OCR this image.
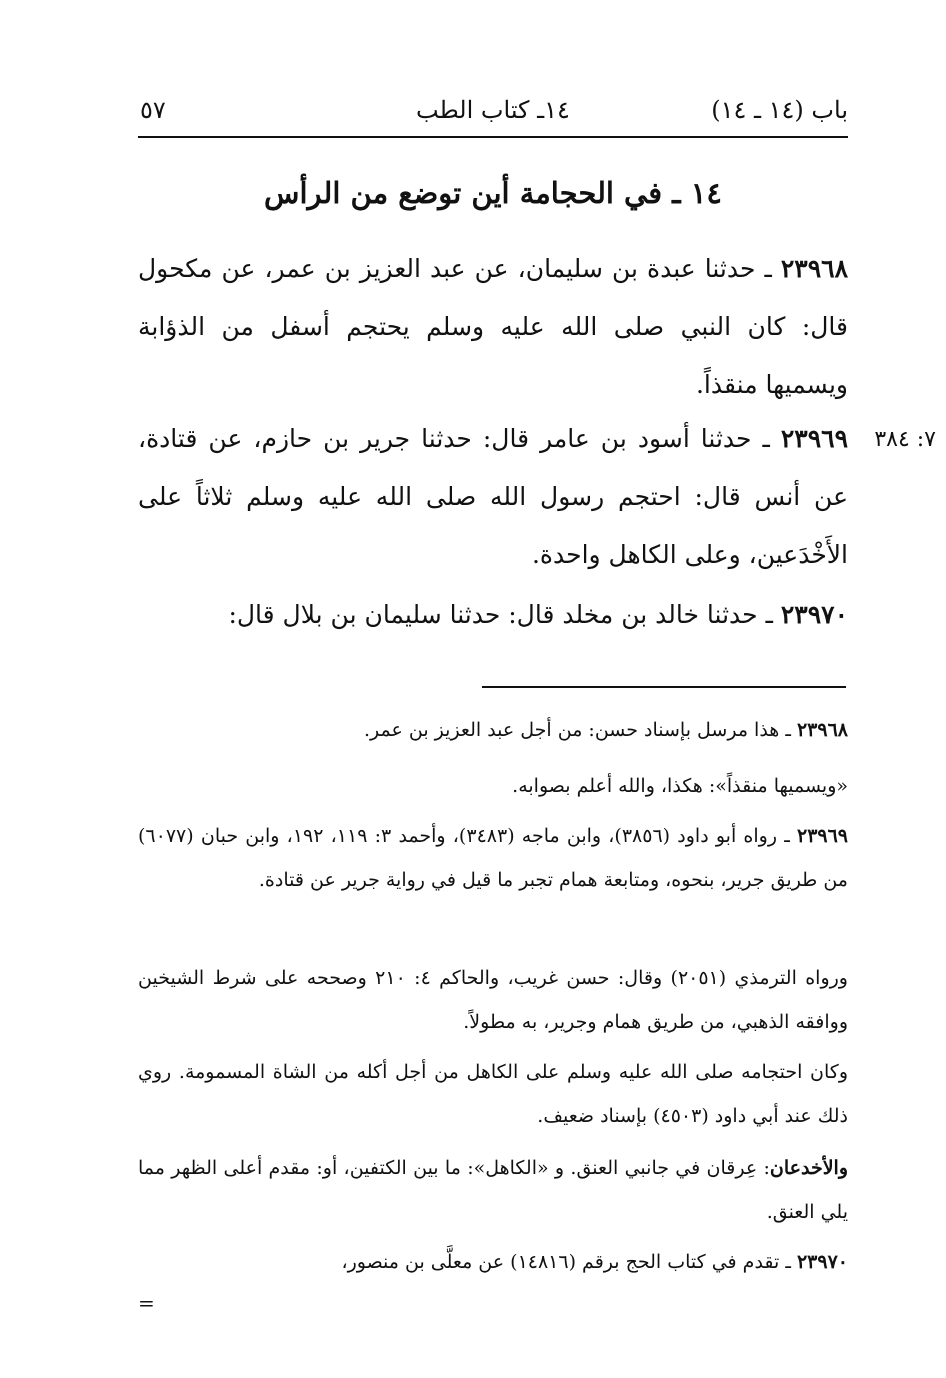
باب (١٤ ـ ١٤)
١٤ـ كتاب الطب
٥٧
١٤ ـ في الحجامة أين توضع من الرأس
٢٣٩٦٨ ـ حدثنا عبدة بن سليمان، عن عبد العزيز بن عمر، عن مكحول قال: كان النبي صلى الله عليه وسلم يحتجم أسفل من الذؤابة ويسميها منقذاً.
٧: ٣٨٤
٢٣٩٦٩ ـ حدثنا أسود بن عامر قال: حدثنا جرير بن حازم، عن قتادة، عن أنس قال: احتجم رسول الله صلى الله عليه وسلم ثلاثاً على الأَخْدَعين، وعلى الكاهل واحدة.
٢٣٩٧٠ ـ حدثنا خالد بن مخلد قال: حدثنا سليمان بن بلال قال:
٢٣٩٦٨ ـ هذا مرسل بإسناد حسن: من أجل عبد العزيز بن عمر.
«ويسميها منقذاً»: هكذا، والله أعلم بصوابه.
٢٣٩٦٩ ـ رواه أبو داود (٣٨٥٦)، وابن ماجه (٣٤٨٣)، وأحمد ٣: ١١٩، ١٩٢، وابن حبان (٦٠٧٧) من طريق جرير، بنحوه، ومتابعة همام تجبر ما قيل في رواية جرير عن قتادة.
ورواه الترمذي (٢٠٥١) وقال: حسن غريب، والحاكم ٤: ٢١٠ وصححه على شرط الشيخين ووافقه الذهبي، من طريق همام وجرير، به مطولاً.
وكان احتجامه صلى الله عليه وسلم على الكاهل من أجل أكله من الشاة المسمومة. روي ذلك عند أبي داود (٤٥٠٣) بإسناد ضعيف.
والأخدعان: عِرقان في جانبي العنق. و «الكاهل»: ما بين الكتفين، أو: مقدم أعلى الظهر مما يلي العنق.
٢٣٩٧٠ ـ تقدم في كتاب الحج برقم (١٤٨١٦) عن معلَّى بن منصور،
=
